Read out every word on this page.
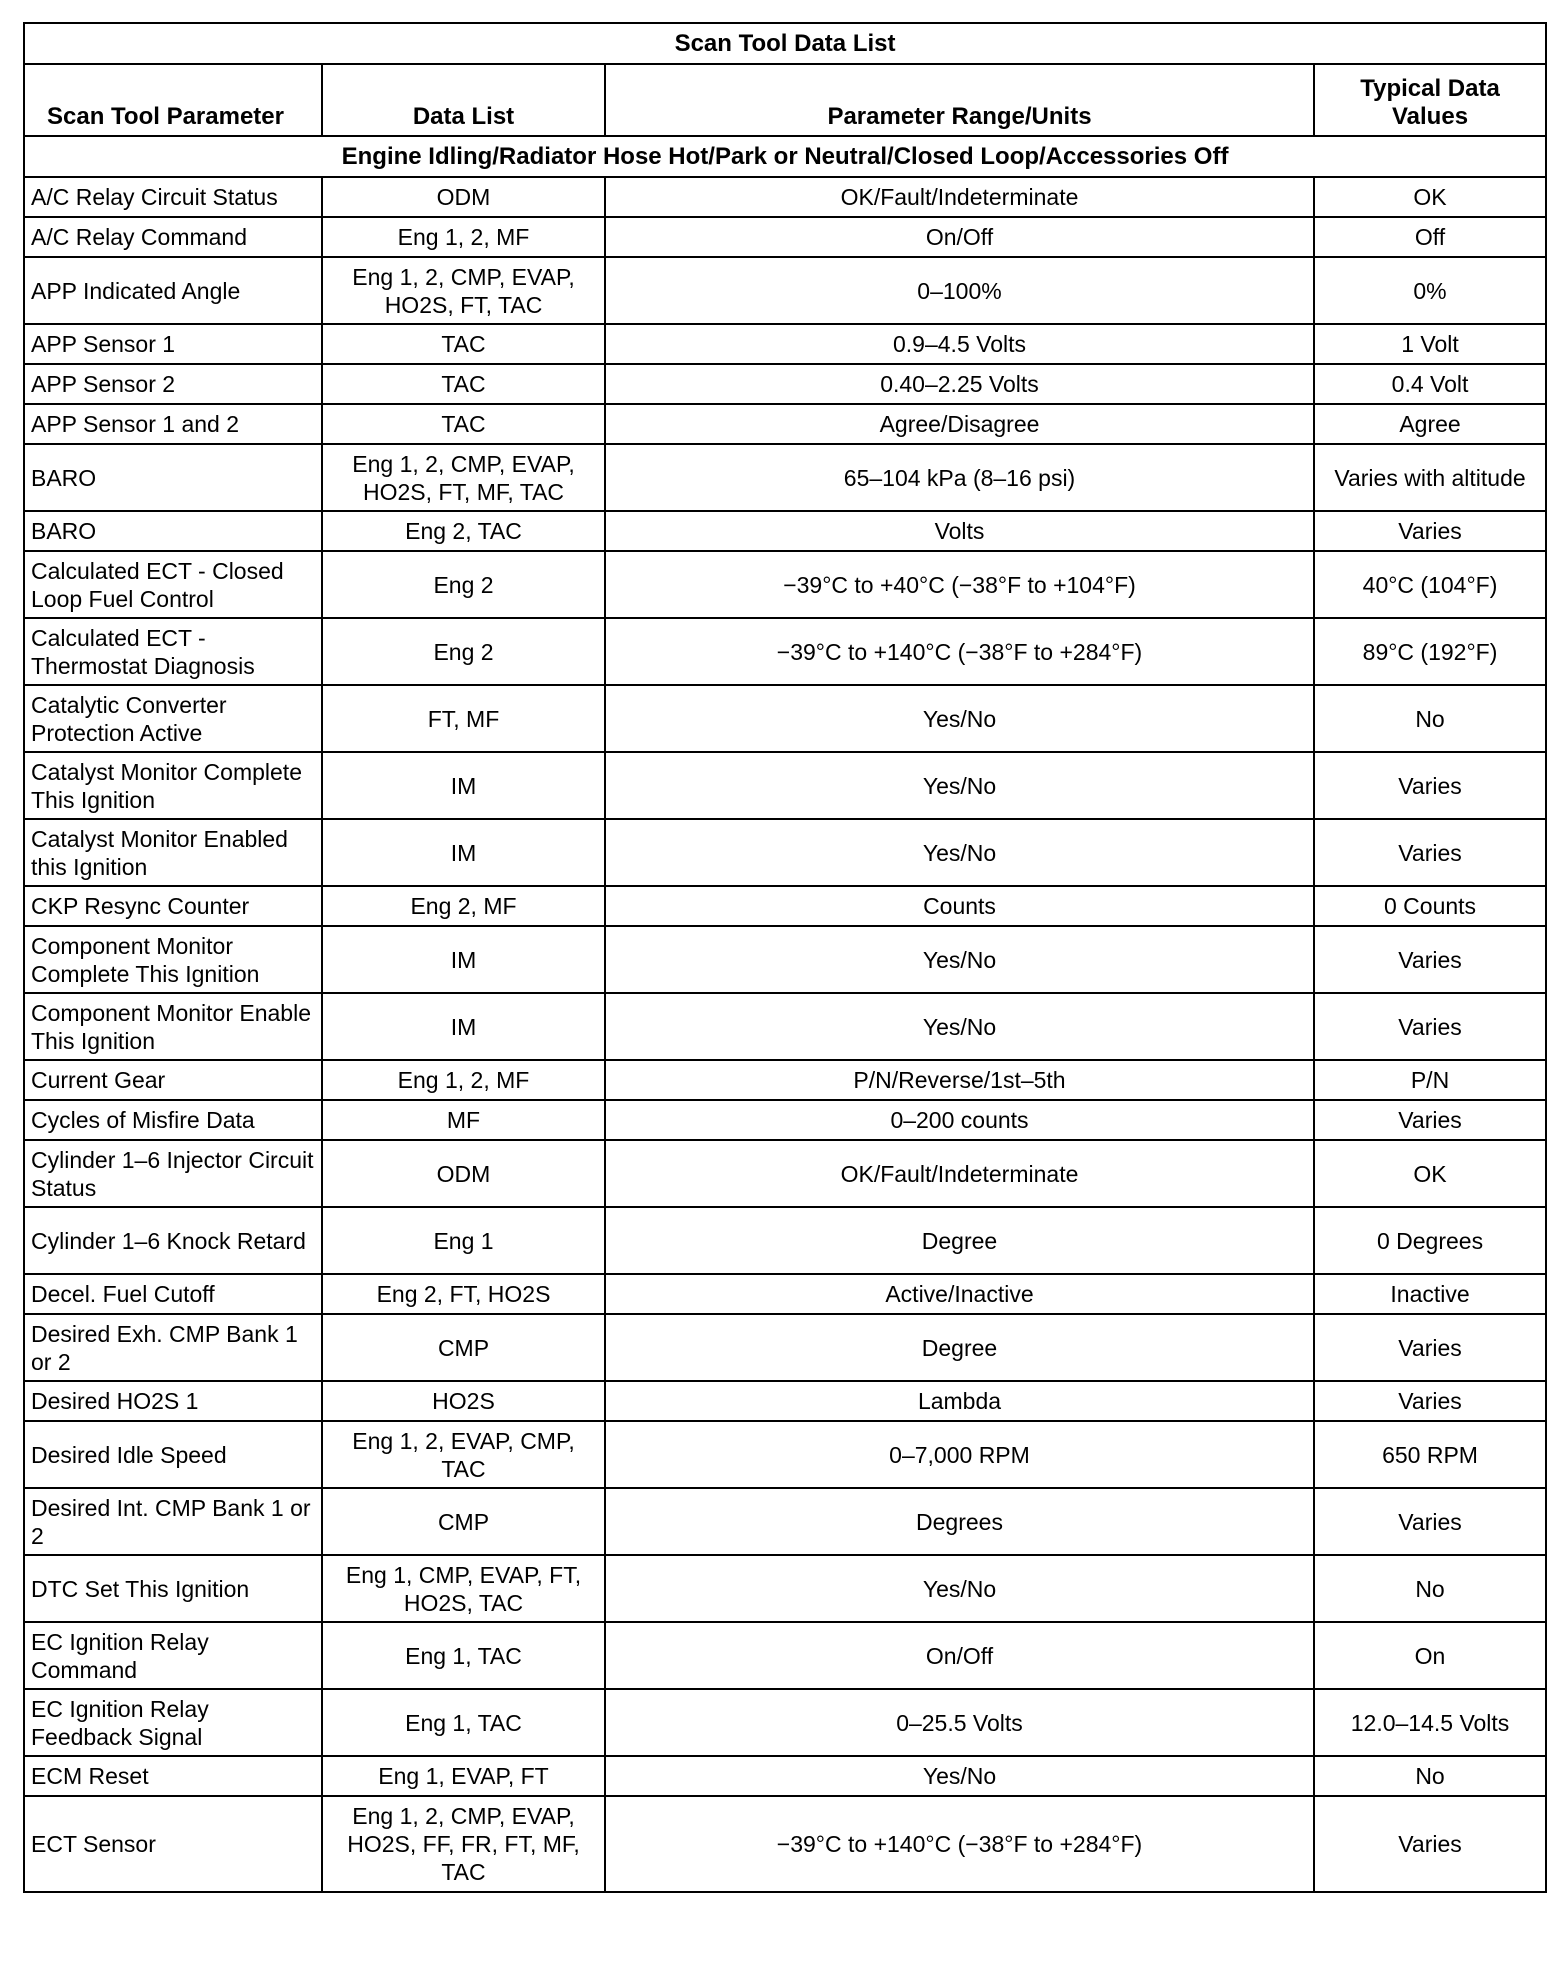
Scan Tool Data List			
Scan Tool Parameter	Data List	Parameter Range/Units	Typical Data Values
Engine Idling/Radiator Hose Hot/Park or Neutral/Closed Loop/Accessories Off			
A/C Relay Circuit Status	ODM	OK/Fault/Indeterminate	OK
A/C Relay Command	Eng 1, 2, MF	On/Off	Off
APP Indicated Angle	Eng 1, 2, CMP, EVAP, HO2S, FT, TAC	0–100%	0%
APP Sensor 1	TAC	0.9–4.5 Volts	1 Volt
APP Sensor 2	TAC	0.40–2.25 Volts	0.4 Volt
APP Sensor 1 and 2	TAC	Agree/Disagree	Agree
BARO	Eng 1, 2, CMP, EVAP, HO2S, FT, MF, TAC	65–104 kPa (8–16 psi)	Varies with altitude
BARO	Eng 2, TAC	Volts	Varies
Calculated ECT - Closed Loop Fuel Control	Eng 2	−39°C to +40°C (−38°F to +104°F)	40°C (104°F)
Calculated ECT - Thermostat Diagnosis	Eng 2	−39°C to +140°C (−38°F to +284°F)	89°C (192°F)
Catalytic Converter Protection Active	FT, MF	Yes/No	No
Catalyst Monitor Complete This Ignition	IM	Yes/No	Varies
Catalyst Monitor Enabled this Ignition	IM	Yes/No	Varies
CKP Resync Counter	Eng 2, MF	Counts	0 Counts
Component Monitor Complete This Ignition	IM	Yes/No	Varies
Component Monitor Enable This Ignition	IM	Yes/No	Varies
Current Gear	Eng 1, 2, MF	P/N/Reverse/1st–5th	P/N
Cycles of Misfire Data	MF	0–200 counts	Varies
Cylinder 1–6 Injector Circuit Status	ODM	OK/Fault/Indeterminate	OK
Cylinder 1–6 Knock Retard	Eng 1	Degree	0 Degrees
Decel. Fuel Cutoff	Eng 2, FT, HO2S	Active/Inactive	Inactive
Desired Exh. CMP Bank 1 or 2	CMP	Degree	Varies
Desired HO2S 1	HO2S	Lambda	Varies
Desired Idle Speed	Eng 1, 2, EVAP, CMP, TAC	0–7,000 RPM	650 RPM
Desired Int. CMP Bank 1 or 2	CMP	Degrees	Varies
DTC Set This Ignition	Eng 1, CMP, EVAP, FT, HO2S, TAC	Yes/No	No
EC Ignition Relay Command	Eng 1, TAC	On/Off	On
EC Ignition Relay Feedback Signal	Eng 1, TAC	0–25.5 Volts	12.0–14.5 Volts
ECM Reset	Eng 1, EVAP, FT	Yes/No	No
ECT Sensor	Eng 1, 2, CMP, EVAP, HO2S, FF, FR, FT, MF, TAC	−39°C to +140°C (−38°F to +284°F)	Varies
